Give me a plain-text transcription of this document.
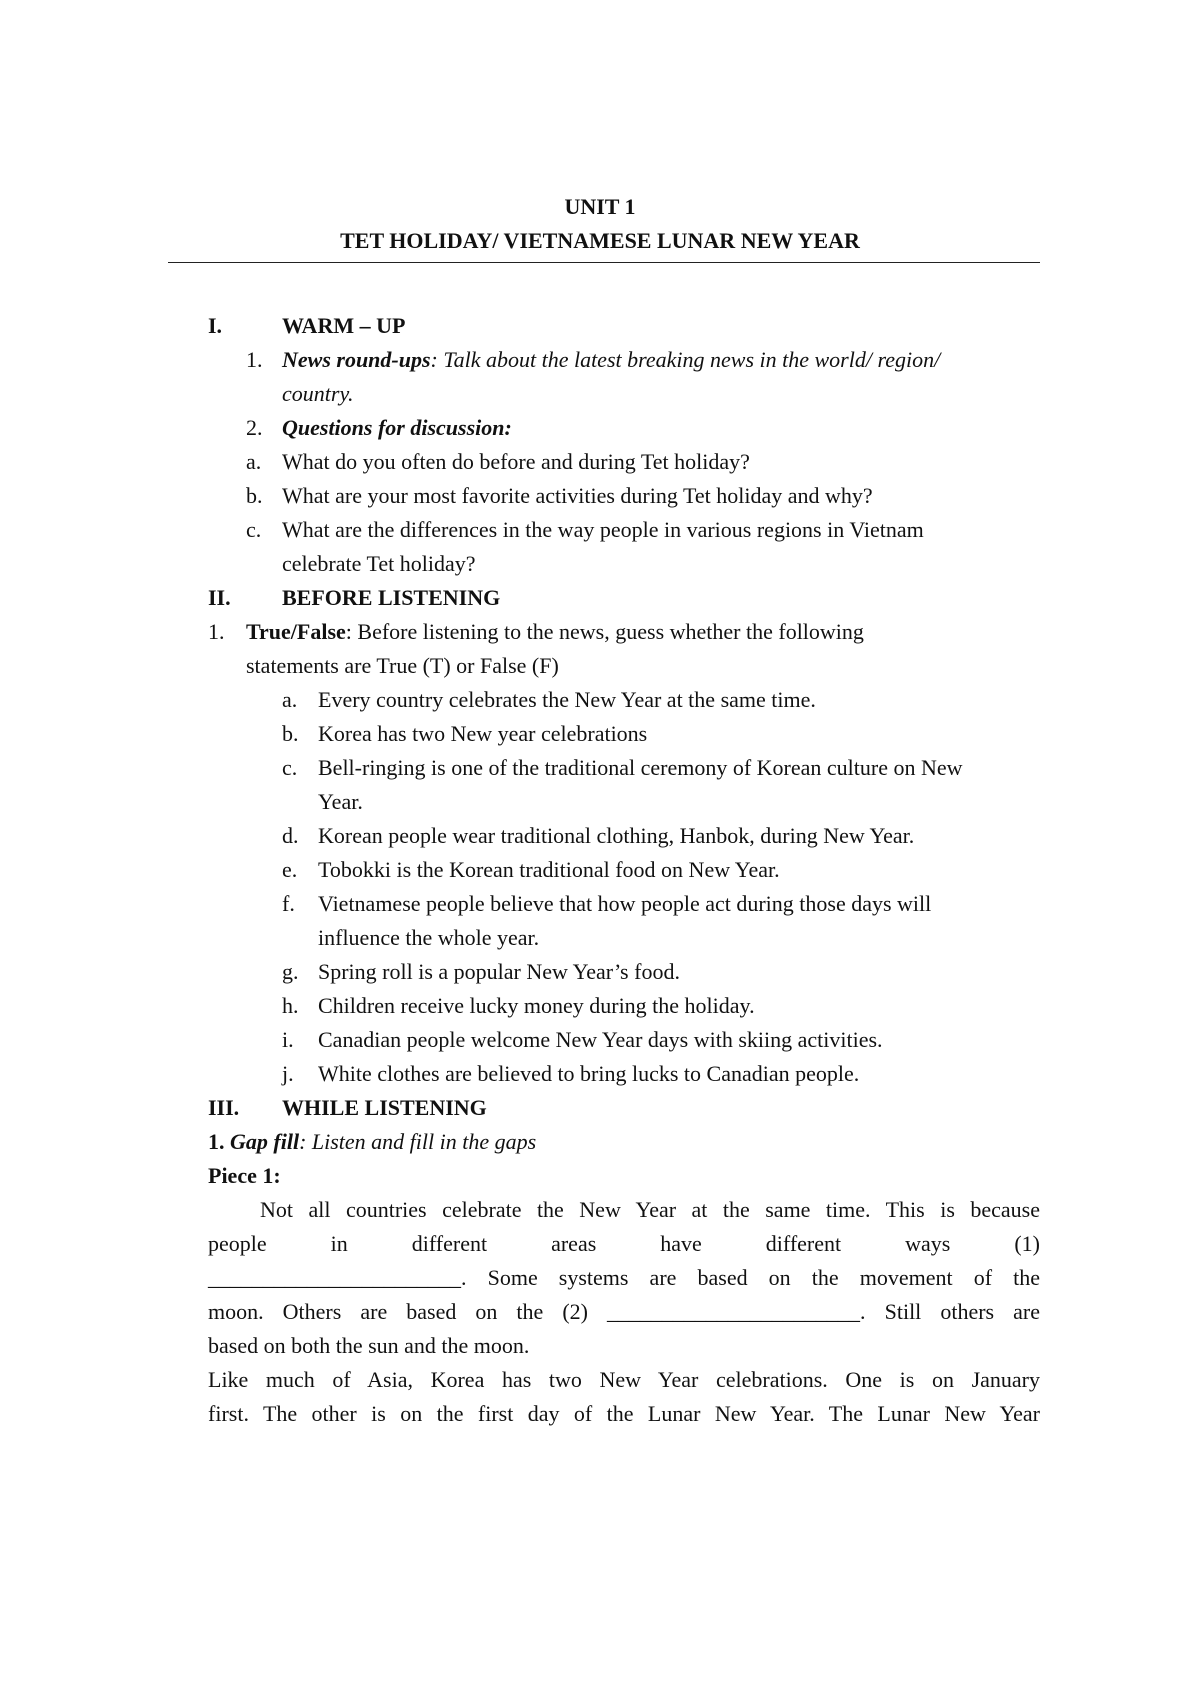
UNIT 1
TET HOLIDAY/ VIETNAMESE LUNAR NEW YEAR
I.	WARM – UP
1. News round-ups: Talk about the latest breaking news in the world/ region/
country.
2. Questions for discussion:
a. What do you often do before and during Tet holiday?
b. What are your most favorite activities during Tet holiday and why?
c. What are the differences in the way people in various regions in Vietnam
celebrate Tet holiday?
II. BEFORE LISTENING
1. True/False: Before listening to the news, guess whether the following
statements are True (T) or False (F)
a. Every country celebrates the New Year at the same time.
b. Korea has two New year celebrations
c. Bell-ringing is one of the traditional ceremony of Korean culture on New
Year.
d. Korean people wear traditional clothing, Hanbok, during New Year.
e. Tobokki is the Korean traditional food on New Year.
f. Vietnamese people believe that how people act during those days will
influence the whole year.
g. Spring roll is a popular New Year’s food.
h. Children receive lucky money during the holiday.
i. Canadian people welcome New Year days with skiing activities.
j. White clothes are believed to bring lucks to Canadian people.
III. WHILE LISTENING
1. Gap fill: Listen and fill in the gaps
Piece 1:
Not all countries celebrate the New Year at the same time. This is because
people in different areas have different ways (1)
_______________________. Some systems are based on the movement of the
moon. Others are based on the (2) _______________________. Still others are
based on both the sun and the moon.
Like much of Asia, Korea has two New Year celebrations. One is on January
first. The other is on the first day of the Lunar New Year. The Lunar New Year
